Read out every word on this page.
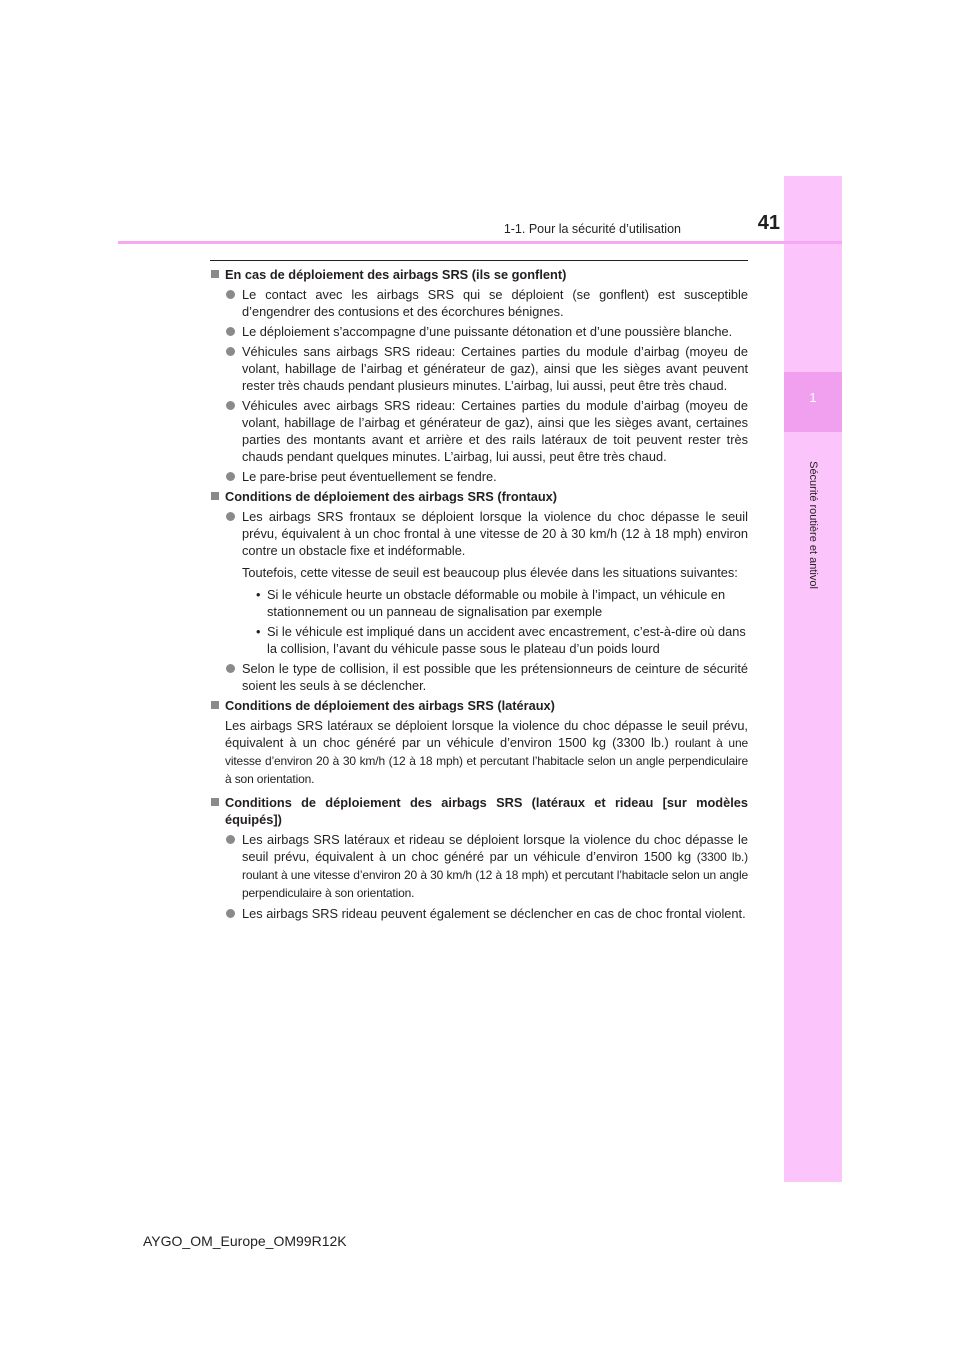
1
Sécurité routière et antivol
1-1. Pour la sécurité d’utilisation	41
En cas de déploiement des airbags SRS (ils se gonflent)
Le contact avec les airbags SRS qui se déploient (se gonflent) est susceptible d’engendrer des contusions et des écorchures bénignes.
Le déploiement s’accompagne d’une puissante détonation et d’une poussière blanche.
Véhicules sans airbags SRS rideau: Certaines parties du module d’airbag (moyeu de volant, habillage de l’airbag et générateur de gaz), ainsi que les sièges avant peuvent rester très chauds pendant plusieurs minutes. L’airbag, lui aussi, peut être très chaud.
Véhicules avec airbags SRS rideau: Certaines parties du module d’airbag (moyeu de volant, habillage de l’airbag et générateur de gaz), ainsi que les sièges avant, certaines parties des montants avant et arrière et des rails latéraux de toit peuvent rester très chauds pendant quelques minutes. L’airbag, lui aussi, peut être très chaud.
Le pare-brise peut éventuellement se fendre.
Conditions de déploiement des airbags SRS (frontaux)
Les airbags SRS frontaux se déploient lorsque la violence du choc dépasse le seuil prévu, équivalent à un choc frontal à une vitesse de 20 à 30 km/h (12 à 18 mph) environ contre un obstacle fixe et indéformable.
Toutefois, cette vitesse de seuil est beaucoup plus élevée dans les situations suivantes:
• Si le véhicule heurte un obstacle déformable ou mobile à l’impact, un véhicule en stationnement ou un panneau de signalisation par exemple
• Si le véhicule est impliqué dans un accident avec encastrement, c’est-à-dire où dans la collision, l’avant du véhicule passe sous le plateau d’un poids lourd
Selon le type de collision, il est possible que les prétensionneurs de ceinture de sécurité soient les seuls à se déclencher.
Conditions de déploiement des airbags SRS (latéraux)
Les airbags SRS latéraux se déploient lorsque la violence du choc dépasse le seuil prévu, équivalent à un choc généré par un véhicule d’environ 1500 kg (3300 lb.) roulant à une vitesse d’environ 20 à 30 km/h (12 à 18 mph) et percutant l’habitacle selon un angle perpendiculaire à son orientation.
Conditions de déploiement des airbags SRS (latéraux et rideau [sur modèles équipés])
Les airbags SRS latéraux et rideau se déploient lorsque la violence du choc dépasse le seuil prévu, équivalent à un choc généré par un véhicule d’environ 1500 kg (3300 lb.) roulant à une vitesse d’environ 20 à 30 km/h (12 à 18 mph) et percutant l’habitacle selon un angle perpendiculaire à son orientation.
Les airbags SRS rideau peuvent également se déclencher en cas de choc frontal violent.
AYGO_OM_Europe_OM99R12K
